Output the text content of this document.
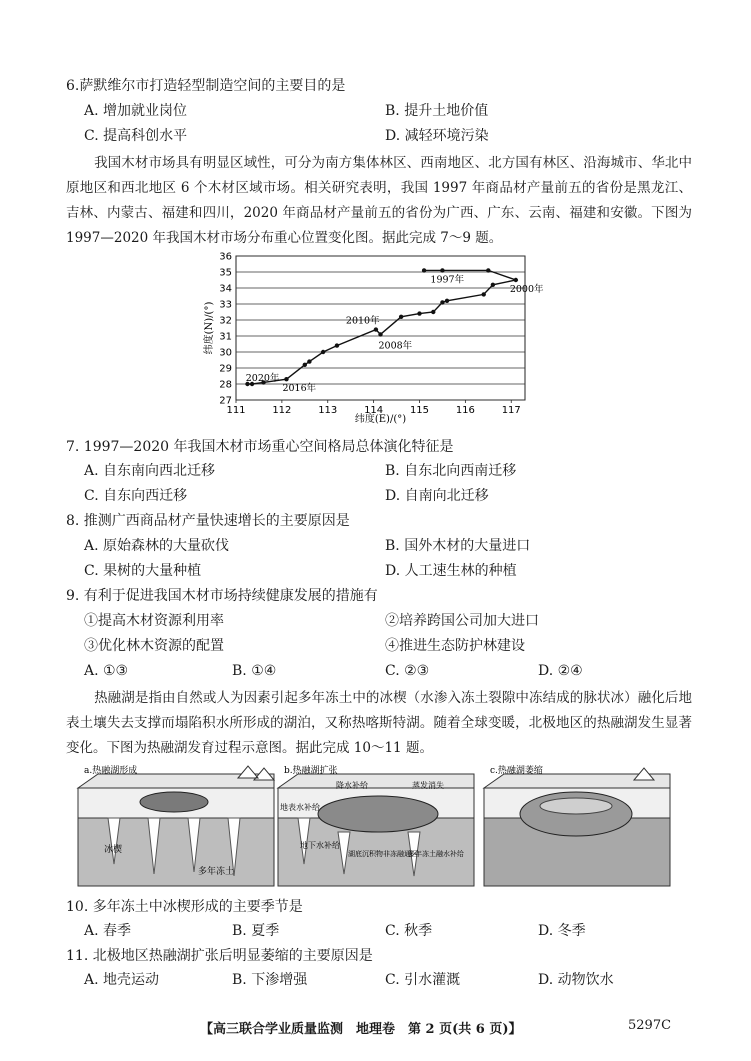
6.萨默维尔市打造轻型制造空间的主要目的是
A. 增加就业岗位	B. 提升土地价值
C. 提高科创水平	D. 减轻环境污染
我国木材市场具有明显区域性，可分为南方集体林区、西南地区、北方国有林区、沿海城市、华北中原地区和西北地区 6 个木材区域市场。相关研究表明，我国 1997 年商品材产量前五的省份是黑龙江、吉林、内蒙古、福建和四川，2020 年商品材产量前五的省份为广西、广东、云南、福建和安徽。下图为 1997—2020 年我国木材市场分布重心位置变化图。据此完成 7～9 题。
27
28
29
30
31
32
33
34
35
36
111	112	113	114	115	116	117
纬度(E)/(°)
纬度(N)/(°)
1997年
2000年
2010年
2008年
2016年
2020年
7. 1997—2020 年我国木材市场重心空间格局总体演化特征是
A. 自东南向西北迁移	B. 自东北向西南迁移
C. 自东向西迁移	D. 自南向北迁移
8. 推测广西商品材产量快速增长的主要原因是
A. 原始森林的大量砍伐	B. 国外木材的大量进口
C. 果树的大量种植	D. 人工速生林的种植
9. 有利于促进我国木材市场持续健康发展的措施有
①提高木材资源利用率	②培养跨国公司加大进口
③优化林木资源的配置	④推进生态防护林建设
A. ①③	B. ①④	C. ②③	D. ②④
热融湖是指由自然或人为因素引起多年冻土中的冰楔（水渗入冻土裂隙中冻结成的脉状冰）融化后地表土壤失去支撑而塌陷积水所形成的湖泊，又称热喀斯特湖。随着全球变暖，北极地区的热融湖发生显著变化。下图为热融湖发育过程示意图。据此完成 10～11 题。
a.热融湖形成
冰楔
多年冻土
b.热融湖扩张
降水补给	蒸发消失
地表水补给
地下水补给
湖底沉积物非冻融通区
多年冻土融水补给
c.热融湖萎缩
10. 多年冻土中冰楔形成的主要季节是
A. 春季	B. 夏季	C. 秋季	D. 冬季
11. 北极地区热融湖扩张后明显萎缩的主要原因是
A. 地壳运动	B. 下渗增强	C. 引水灌溉	D. 动物饮水
【高三联合学业质量监测　地理卷　第 2 页(共 6 页)】	5297C
